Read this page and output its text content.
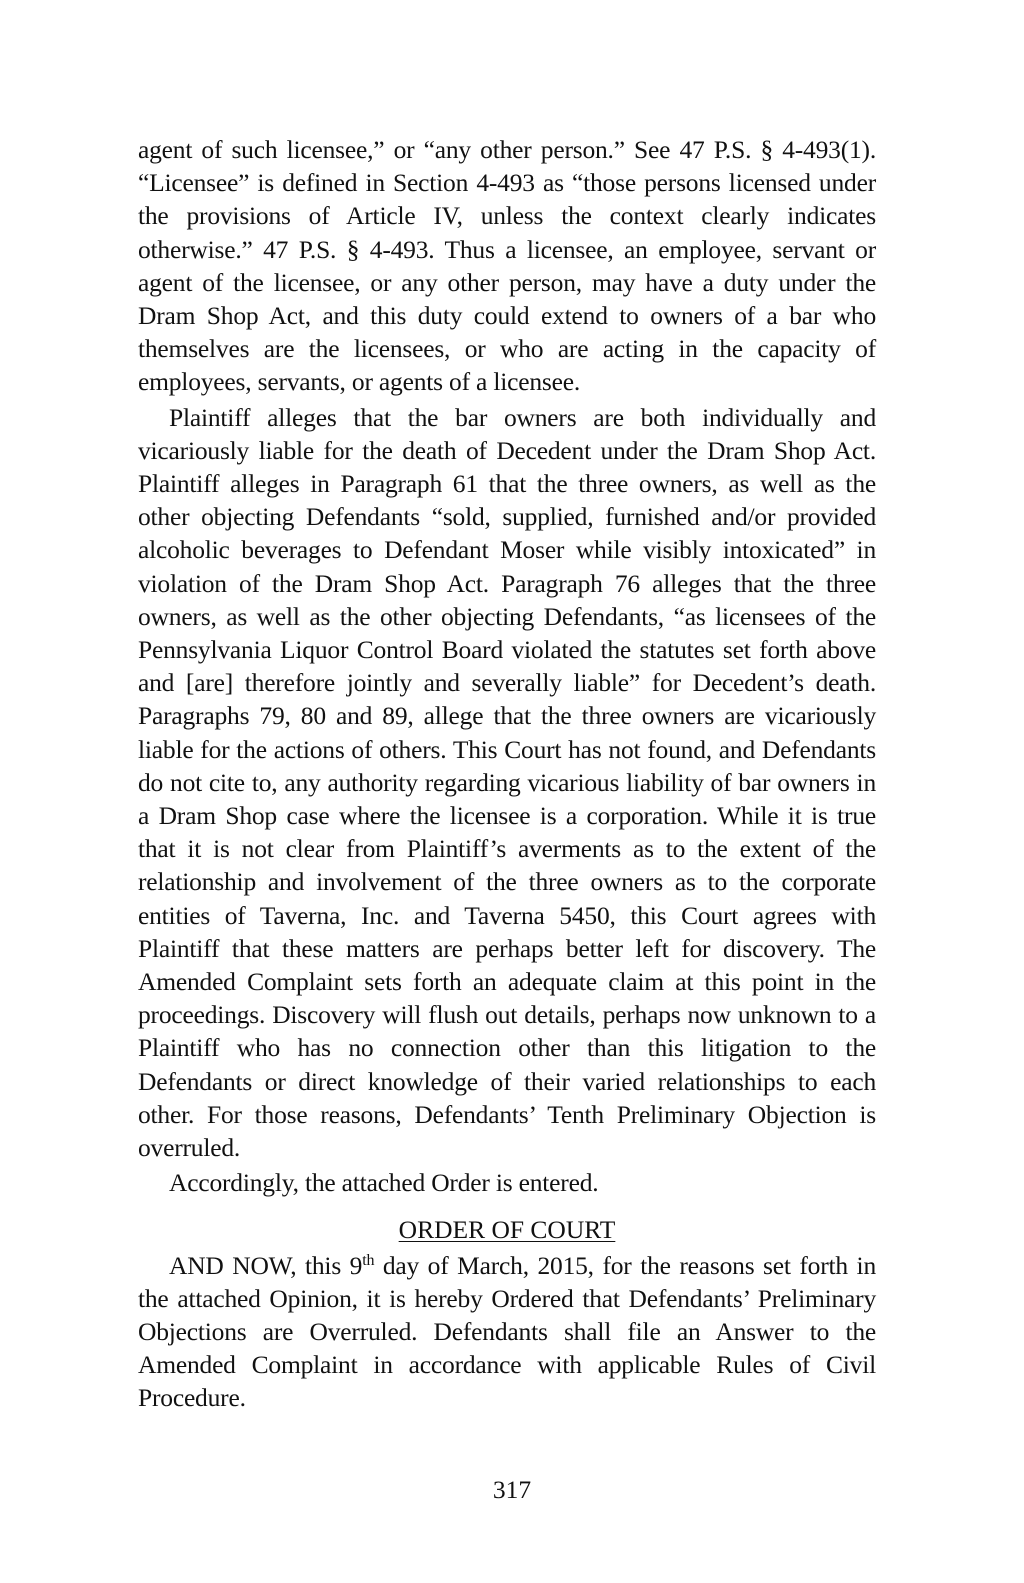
agent of such licensee,” or “any other person.” See 47 P.S. § 4-493(1). “Licensee” is defined in Section 4-493 as “those persons licensed under the provisions of Article IV, unless the context clearly indicates otherwise.” 47 P.S. § 4-493. Thus a licensee, an employee, servant or agent of the licensee, or any other person, may have a duty under the Dram Shop Act, and this duty could extend to owners of a bar who themselves are the licensees, or who are acting in the capacity of employees, servants, or agents of a licensee.

Plaintiff alleges that the bar owners are both individually and vicariously liable for the death of Decedent under the Dram Shop Act. Plaintiff alleges in Paragraph 61 that the three owners, as well as the other objecting Defendants “sold, supplied, furnished and/or provided alcoholic beverages to Defendant Moser while visibly intoxicated” in violation of the Dram Shop Act. Paragraph 76 alleges that the three owners, as well as the other objecting Defendants, “as licensees of the Pennsylvania Liquor Control Board violated the statutes set forth above and [are] therefore jointly and severally liable” for Decedent’s death. Paragraphs 79, 80 and 89, allege that the three owners are vicariously liable for the actions of others. This Court has not found, and Defendants do not cite to, any authority regarding vicarious liability of bar owners in a Dram Shop case where the licensee is a corporation. While it is true that it is not clear from Plaintiff’s averments as to the extent of the relationship and involvement of the three owners as to the corporate entities of Taverna, Inc. and Taverna 5450, this Court agrees with Plaintiff that these matters are perhaps better left for discovery. The Amended Complaint sets forth an adequate claim at this point in the proceedings. Discovery will flush out details, perhaps now unknown to a Plaintiff who has no connection other than this litigation to the Defendants or direct knowledge of their varied relationships to each other. For those reasons, Defendants’ Tenth Preliminary Objection is overruled.

Accordingly, the attached Order is entered.

ORDER OF COURT

AND NOW, this 9th day of March, 2015, for the reasons set forth in the attached Opinion, it is hereby Ordered that Defendants’ Preliminary Objections are Overruled. Defendants shall file an Answer to the Amended Complaint in accordance with applicable Rules of Civil Procedure.

317
